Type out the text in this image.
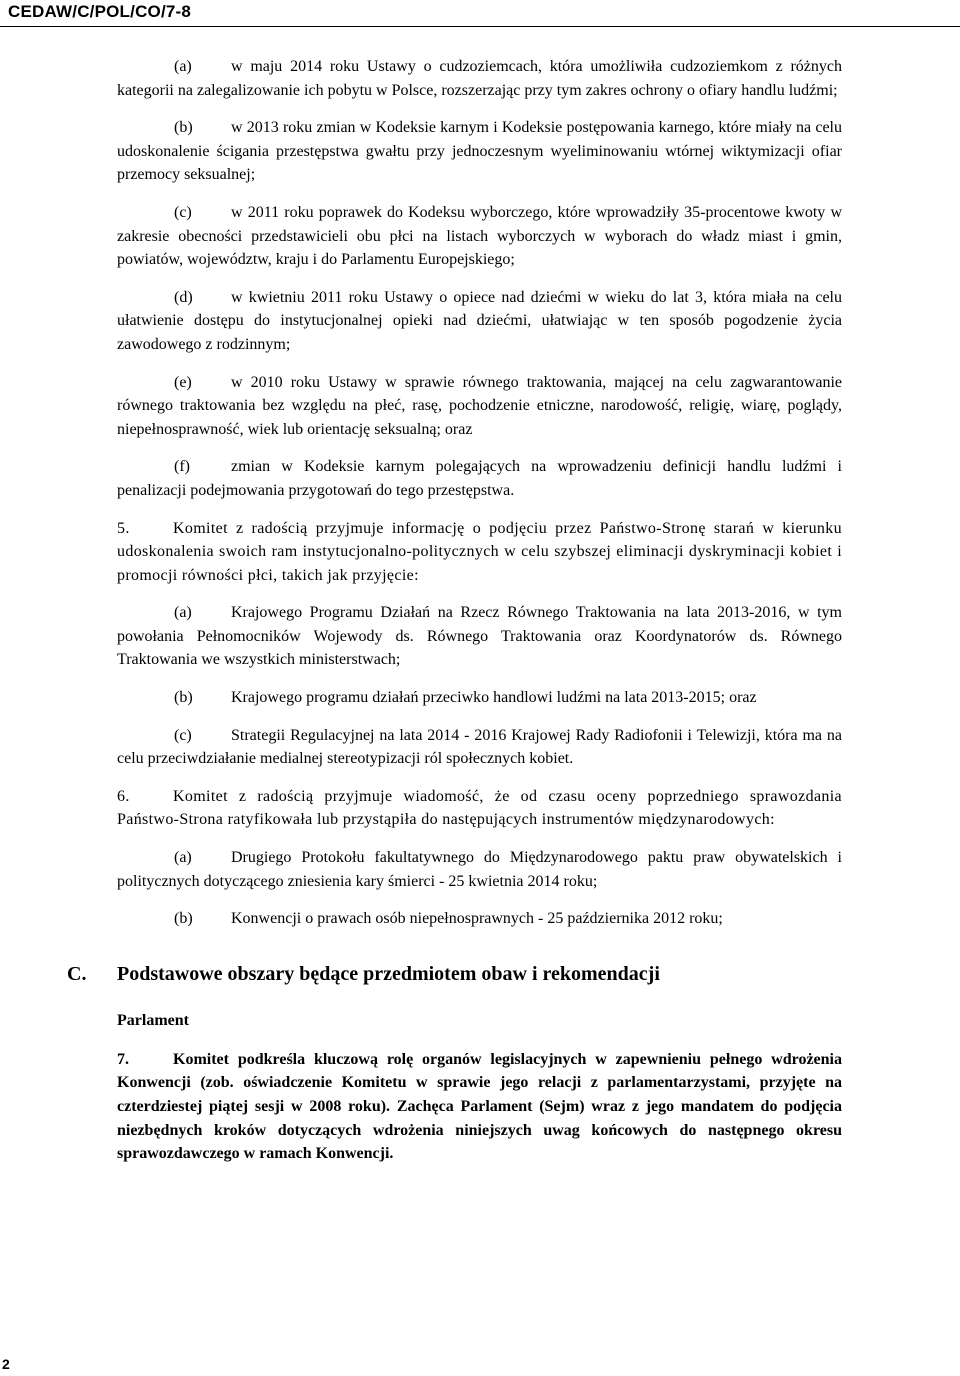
CEDAW/C/POL/CO/7-8

(a) w maju 2014 roku Ustawy o cudzoziemcach, która umożliwiła cudzoziemkom z różnych kategorii na zalegalizowanie ich pobytu w Polsce, rozszerzając przy tym zakres ochrony o ofiary handlu ludźmi;

(b) w 2013 roku zmian w Kodeksie karnym i Kodeksie postępowania karnego, które miały na celu udoskonalenie ścigania przestępstwa gwałtu przy jednoczesnym wyeliminowaniu wtórnej wiktymizacji ofiar przemocy seksualnej;

(c) w 2011 roku poprawek do Kodeksu wyborczego, które wprowadziły 35-procentowe kwoty w zakresie obecności przedstawicieli obu płci na listach wyborczych w wyborach do władz miast i gmin, powiatów, województw, kraju i do Parlamentu Europejskiego;

(d) w kwietniu 2011 roku Ustawy o opiece nad dziećmi w wieku do lat 3, która miała na celu ułatwienie dostępu do instytucjonalnej opieki nad dziećmi, ułatwiając w ten sposób pogodzenie życia zawodowego z rodzinnym;

(e) w 2010 roku Ustawy w sprawie równego traktowania, mającej na celu zagwarantowanie równego traktowania bez względu na płeć, rasę, pochodzenie etniczne, narodowość, religię, wiarę, poglądy, niepełnosprawność, wiek lub orientację seksualną; oraz

(f)	zmian w Kodeksie karnym polegających na wprowadzeniu definicji handlu ludźmi i penalizacji podejmowania przygotowań do tego przestępstwa.

5.	Komitet z radością przyjmuje informację o podjęciu przez Państwo-Stronę starań w kierunku udoskonalenia swoich ram instytucjonalno-politycznych w celu szybszej eliminacji dyskryminacji kobiet i promocji równości płci, takich jak przyjęcie:

(a) Krajowego Programu Działań na Rzecz Równego Traktowania na lata 2013-2016, w tym powołania Pełnomocników Wojewody ds. Równego Traktowania oraz Koordynatorów ds. Równego Traktowania we wszystkich ministerstwach;

(b) Krajowego programu działań przeciwko handlowi ludźmi na lata 2013-2015; oraz

(c) Strategii Regulacyjnej na lata 2014 - 2016 Krajowej Rady Radiofonii i Telewizji, która ma na celu przeciwdziałanie medialnej stereotypizacji ról społecznych kobiet.

6.	Komitet z radością przyjmuje wiadomość, że od czasu oceny poprzedniego sprawozdania Państwo-Strona ratyfikowała lub przystąpiła do następujących instrumentów międzynarodowych:

(a) Drugiego Protokołu fakultatywnego do Międzynarodowego paktu praw obywatelskich i politycznych dotyczącego zniesienia kary śmierci - 25 kwietnia 2014 roku;

(b) Konwencji o prawach osób niepełnosprawnych - 25 października 2012 roku;

C. Podstawowe obszary będące przedmiotem obaw i rekomendacji
Parlament

7.	Komitet podkreśla kluczową rolę organów legislacyjnych w zapewnieniu pełnego wdrożenia Konwencji (zob. oświadczenie Komitetu w sprawie jego relacji z parlamentarzystami, przyjęte na czterdziestej piątej sesji w 2008 roku). Zachęca Parlament (Sejm) wraz z jego mandatem do podjęcia niezbędnych kroków dotyczących wdrożenia niniejszych uwag końcowych do następnego okresu sprawozdawczego w ramach Konwencji.

2
